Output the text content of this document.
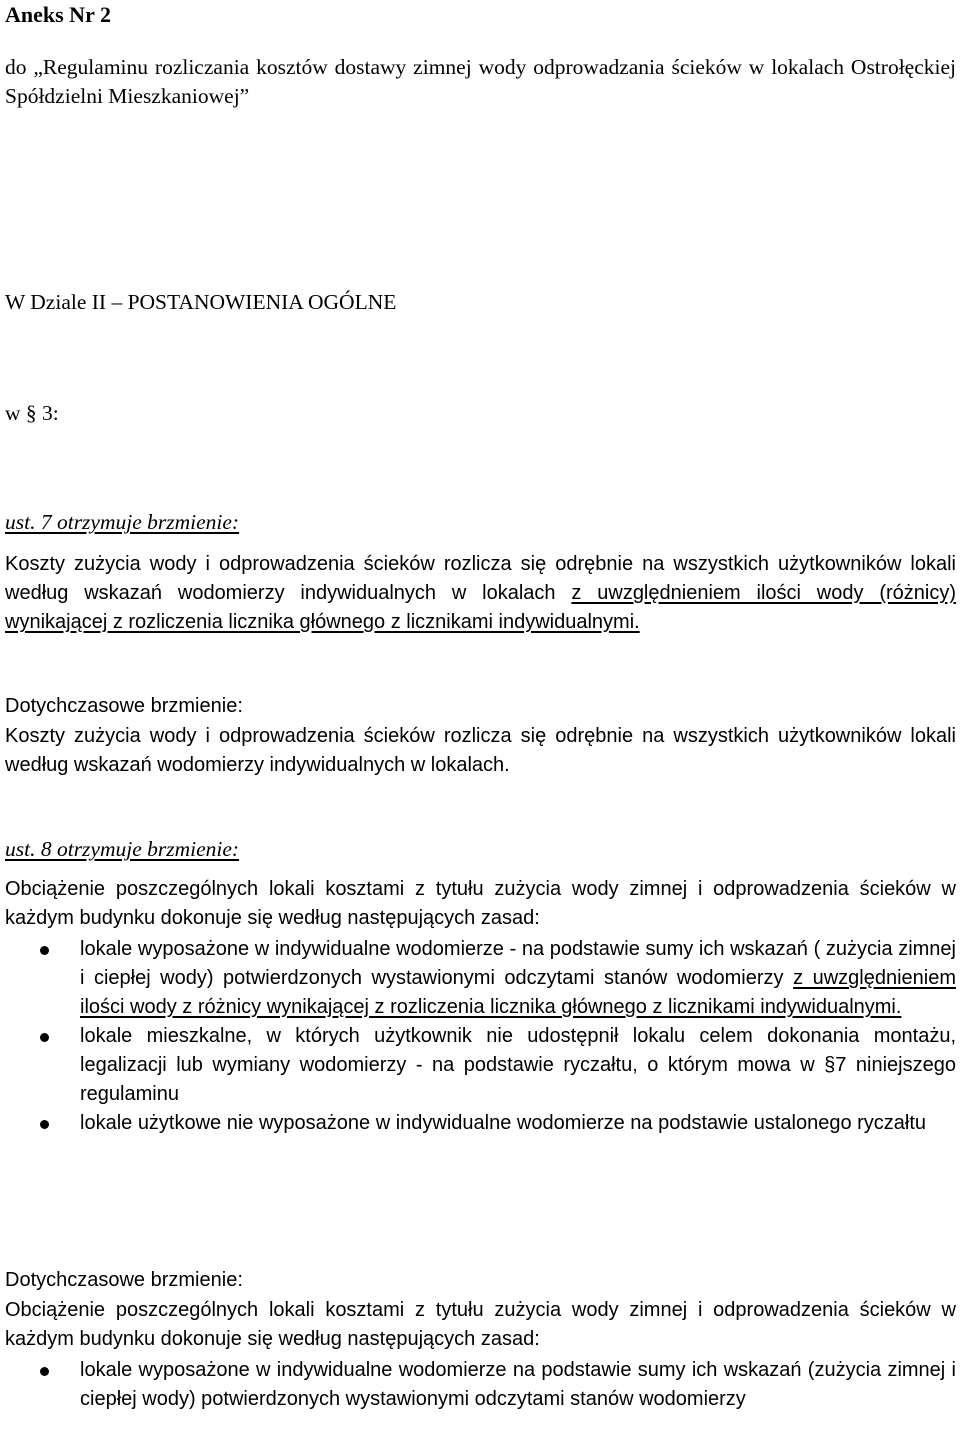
Aneks Nr 2
do „Regulaminu rozliczania kosztów dostawy zimnej wody odprowadzania ścieków w lokalach Ostrołęckiej Spółdzielni Mieszkaniowej”
W Dziale II – POSTANOWIENIA OGÓLNE
w § 3:
ust. 7 otrzymuje brzmienie:
Koszty zużycia wody i odprowadzenia ścieków rozlicza się odrębnie na wszystkich użytkowników lokali według wskazań wodomierzy indywidualnych w lokalach z uwzględnieniem ilości wody (różnicy) wynikającej z rozliczenia licznika głównego z licznikami indywidualnymi.
Dotychczasowe brzmienie:
Koszty zużycia wody i odprowadzenia ścieków rozlicza się odrębnie na wszystkich użytkowników lokali według wskazań wodomierzy indywidualnych w lokalach.
ust. 8 otrzymuje brzmienie:
Obciążenie poszczególnych lokali kosztami z tytułu zużycia wody zimnej i odprowadzenia ścieków w każdym budynku dokonuje się według następujących zasad:
lokale wyposażone w indywidualne wodomierze - na podstawie sumy ich wskazań ( zużycia zimnej i ciepłej wody) potwierdzonych wystawionymi odczytami stanów wodomierzy z uwzględnieniem ilości wody z różnicy wynikającej z rozliczenia licznika głównego z licznikami indywidualnymi.
lokale mieszkalne, w których użytkownik nie udostępnił lokalu celem dokonania montażu, legalizacji lub wymiany wodomierzy - na podstawie ryczałtu, o którym mowa w §7 niniejszego regulaminu
lokale użytkowe nie wyposażone w indywidualne wodomierze na podstawie ustalonego ryczałtu
Dotychczasowe brzmienie:
Obciążenie poszczególnych lokali kosztami z tytułu zużycia wody zimnej i odprowadzenia ścieków w każdym budynku dokonuje się według następujących zasad:
lokale wyposażone w indywidualne wodomierze na podstawie sumy ich wskazań (zużycia zimnej i ciepłej wody) potwierdzonych wystawionymi odczytami stanów wodomierzy
